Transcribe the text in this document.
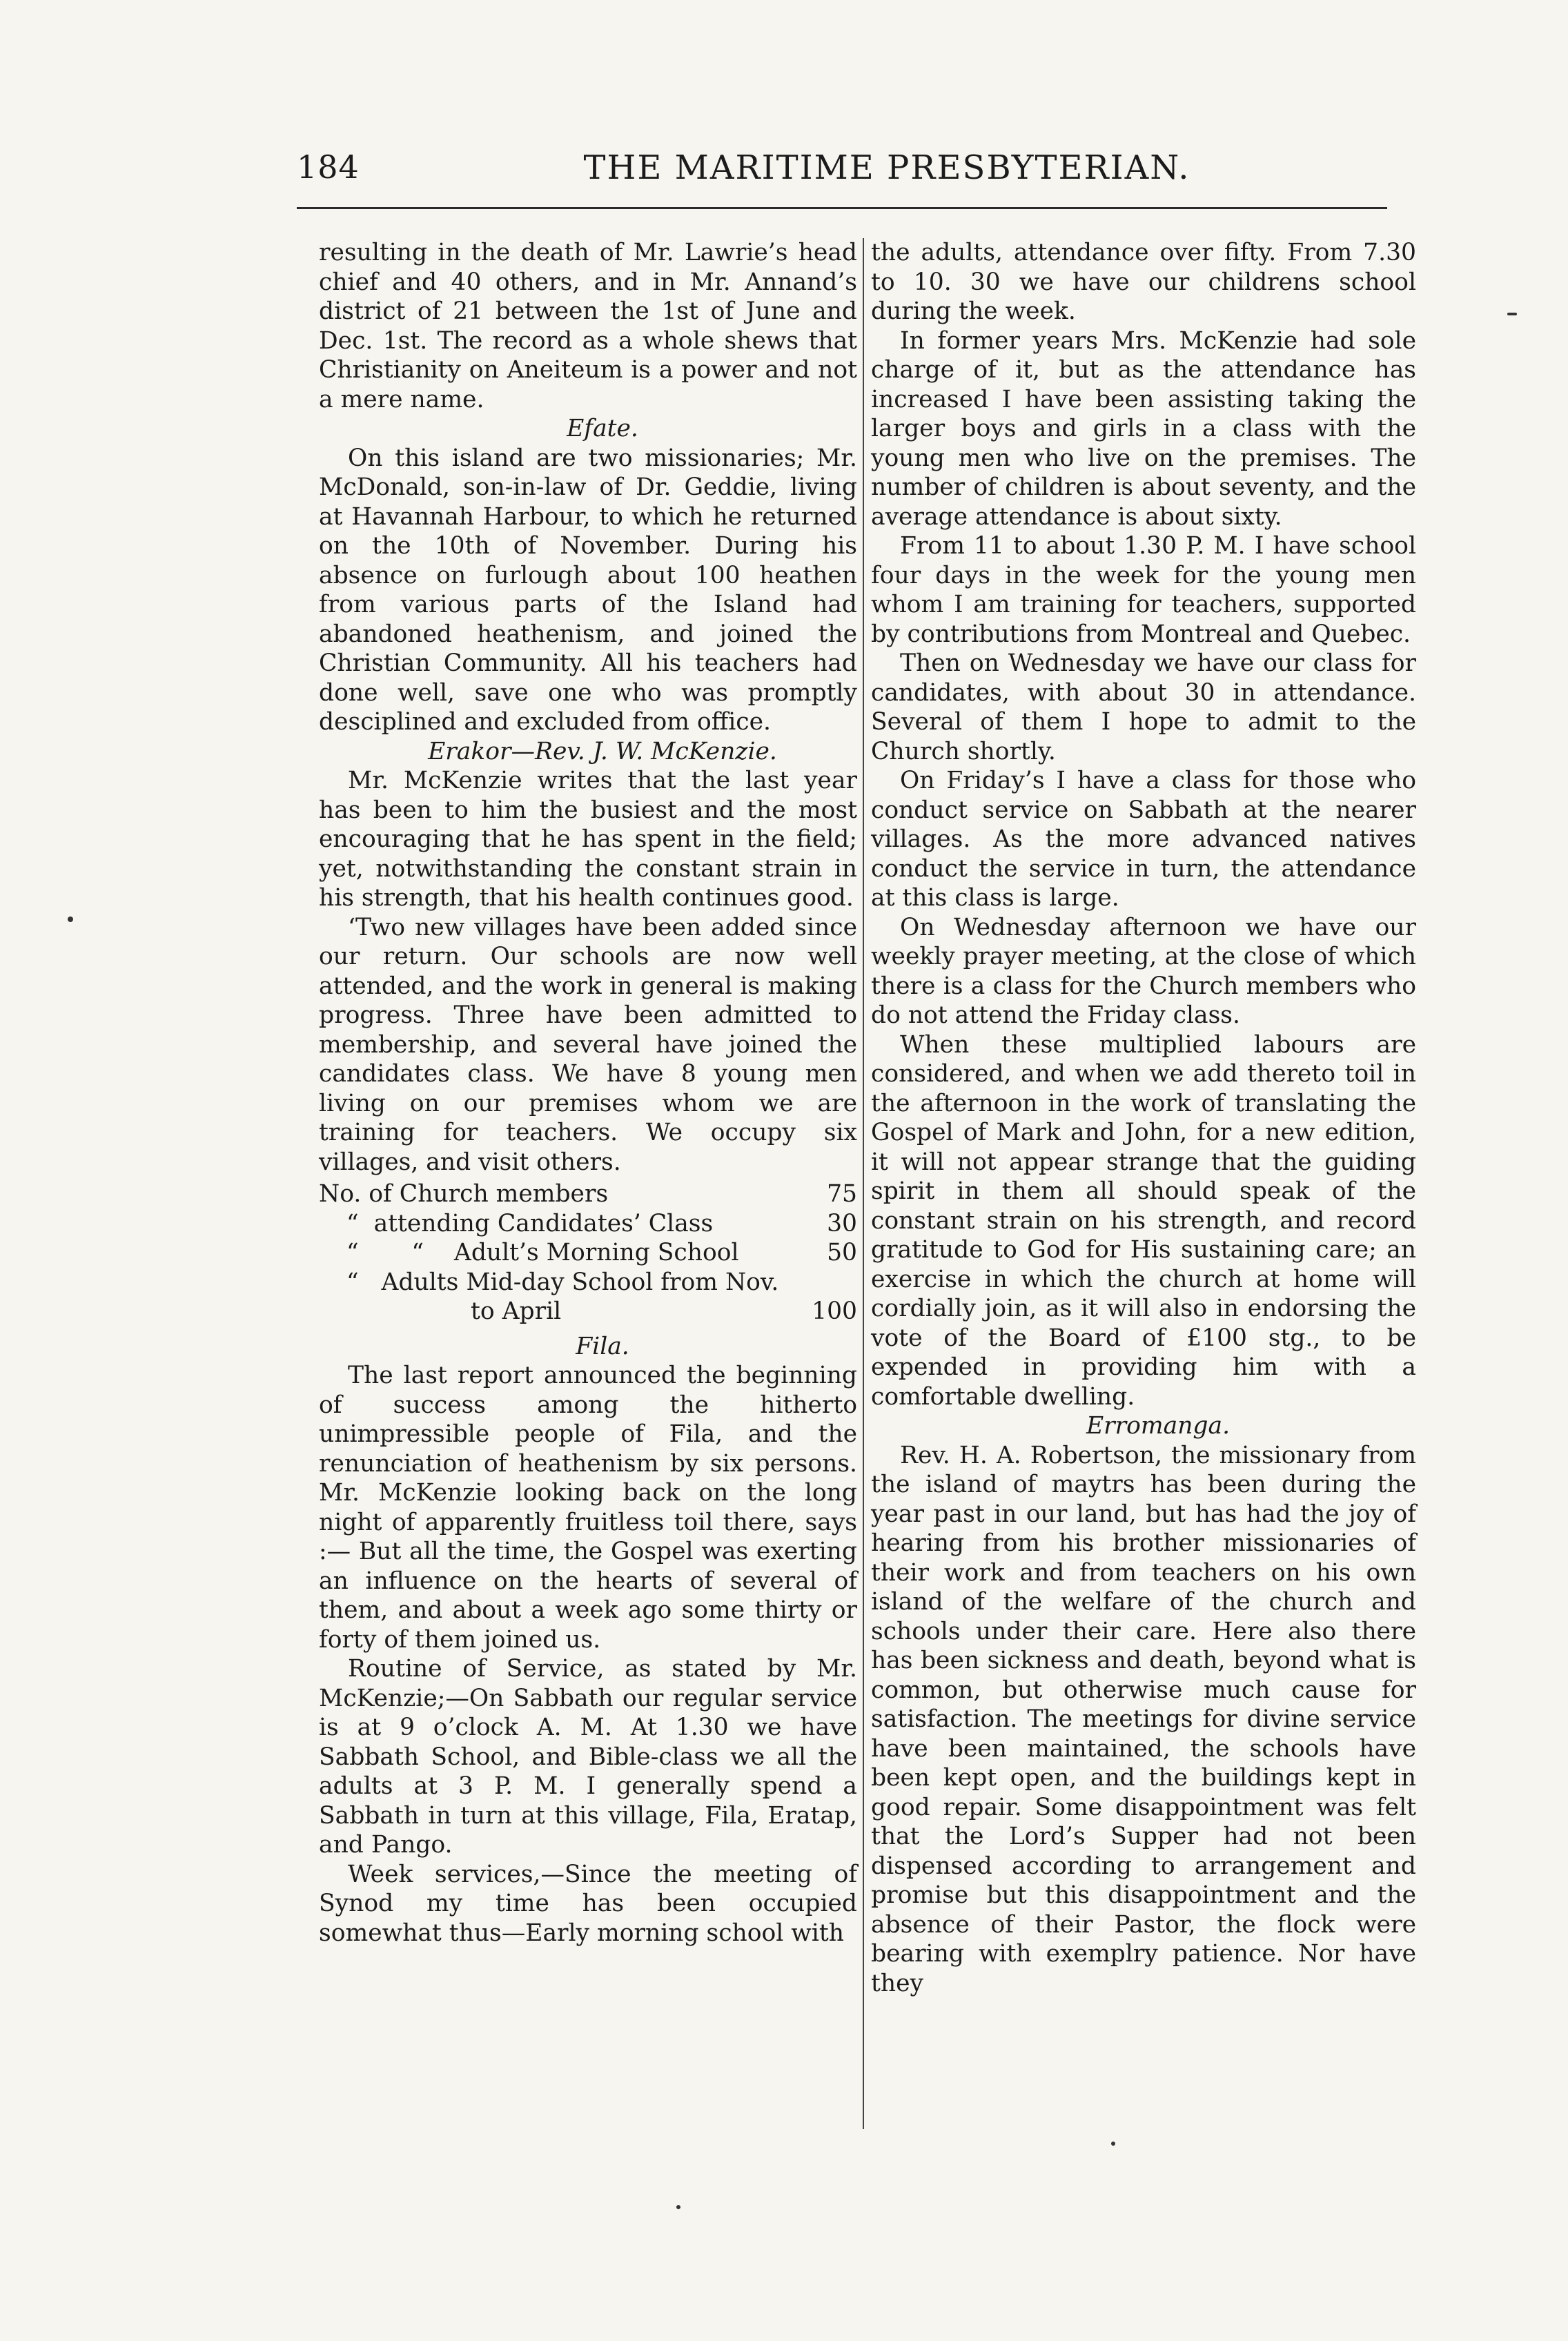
184	THE MARITIME PRESBYTERIAN.

resulting in the death of Mr. Lawrie’s head chief and 40 others, and in Mr. Annand’s district of 21 between the 1st of June and Dec. 1st. The record as a whole shews that Christianity on Aneiteum is a power and not a mere name.

Efate.

On this island are two missionaries; Mr. McDonald, son-in-law of Dr. Geddie, living at Havannah Harbour, to which he returned on the 10th of November. During his absence on furlough about 100 heathen from various parts of the Island had abandoned heathenism, and joined the Christian Community. All his teachers had done well, save one who was promptly desciplined and excluded from office.

Erakor—Rev. J. W. McKenzie.

Mr. McKenzie writes that the last year has been to him the busiest and the most encouraging that he has spent in the field; yet, notwithstanding the constant strain in his strength, that his health continues good.

‘Two new villages have been added since our return. Our schools are now well attended, and the work in general is making progress. Three have been admitted to membership, and several have joined the candidates class. We have 8 young men living on our premises whom we are training for teachers. We occupy six villages, and visit others.

No. of Church members	75
“  attending Candidates’ Class	30
“       “    Adult’s Morning School	50
“   Adults Mid-day School from Nov.
to April	100

Fila.

The last report announced the beginning of success among the hitherto unimpressible people of Fila, and the renunciation of heathenism by six persons. Mr. McKenzie looking back on the long night of apparently fruitless toil there, says :— But all the time, the Gospel was exerting an influence on the hearts of several of them, and about a week ago some thirty or forty of them joined us.

Routine of Service, as stated by Mr. McKenzie;—On Sabbath our regular service is at 9 o’clock A. M. At 1.30 we have Sabbath School, and Bible-class we all the adults at 3 P. M. I generally spend a Sabbath in turn at this village, Fila, Eratap, and Pango.

Week services,—Since the meeting of Synod my time has been occupied somewhat thus—Early morning school with

the adults, attendance over fifty. From 7.30 to 10. 30 we have our childrens school during the week.

In former years Mrs. McKenzie had sole charge of it, but as the attendance has increased I have been assisting taking the larger boys and girls in a class with the young men who live on the premises. The number of children is about seventy, and the average attendance is about sixty.

From 11 to about 1.30 P. M. I have school four days in the week for the young men whom I am training for teachers, supported by contributions from Montreal and Quebec.

Then on Wednesday we have our class for candidates, with about 30 in attendance. Several of them I hope to admit to the Church shortly.

On Friday’s I have a class for those who conduct service on Sabbath at the nearer villages. As the more advanced natives conduct the service in turn, the attendance at this class is large.

On Wednesday afternoon we have our weekly prayer meeting, at the close of which there is a class for the Church members who do not attend the Friday class.

When these multiplied labours are considered, and when we add thereto toil in the afternoon in the work of translating the Gospel of Mark and John, for a new edition, it will not appear strange that the guiding spirit in them all should speak of the constant strain on his strength, and record gratitude to God for His sustaining care; an exercise in which the church at home will cordially join, as it will also in endorsing the vote of the Board of £100 stg., to be expended in providing him with a comfortable dwelling.

Erromanga.

Rev. H. A. Robertson, the missionary from the island of maytrs has been during the year past in our land, but has had the joy of hearing from his brother missionaries of their work and from teachers on his own island of the welfare of the church and schools under their care. Here also there has been sickness and death, beyond what is common, but otherwise much cause for satisfaction. The meetings for divine service have been maintained, the schools have been kept open, and the buildings kept in good repair. Some disappointment was felt that the Lord’s Supper had not been dispensed according to arrangement and promise but this disappointment and the absence of their Pastor, the flock were bearing with exemplry patience. Nor have they
